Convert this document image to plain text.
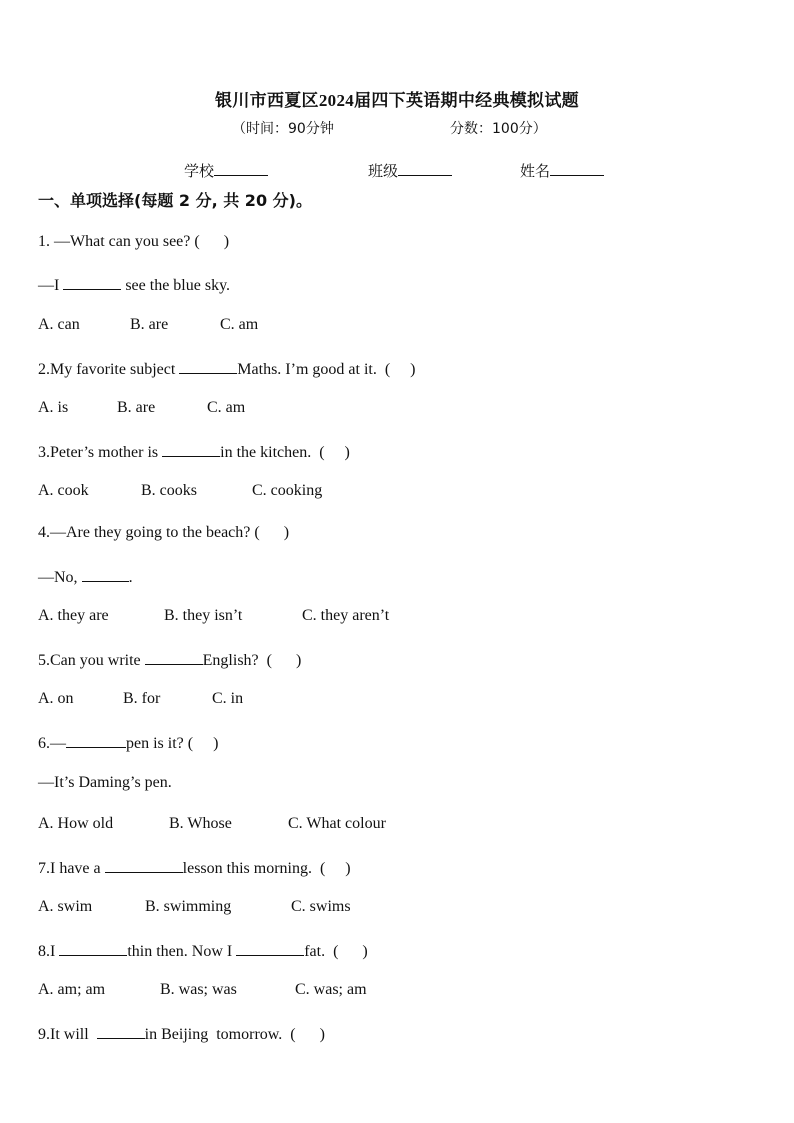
银川市西夏区2024届四下英语期中经典模拟试题
（时间：90分钟	分数：100分）
学校	班级	姓名
一、单项选择(每题 2 分, 共 20 分)。
1. —What can you see? (      )
—I	see the blue sky.
A. can	B. are	C. am
2.My favorite subject	Maths. I’m good at it.  (     )
A. is	B. are	C. am
3.Peter’s mother is	in the kitchen.  (     )
A. cook	B. cooks	C. cooking
4.—Are they going to the beach? (      )
—No,	.
A. they are	B. they isn’t	C. they aren’t
5.Can you write	English?  (      )
A. on	B. for	C. in
6.—	pen is it? (     )
—It’s Daming’s pen.
A. How old	B. Whose	C. What colour
7.I have a	lesson this morning.  (     )
A. swim	B. swimming	C. swims
8.I	thin then. Now I	fat.  (      )
A. am; am	B. was; was	C. was; am
9.It will	in Beijing  tomorrow.  (      )
